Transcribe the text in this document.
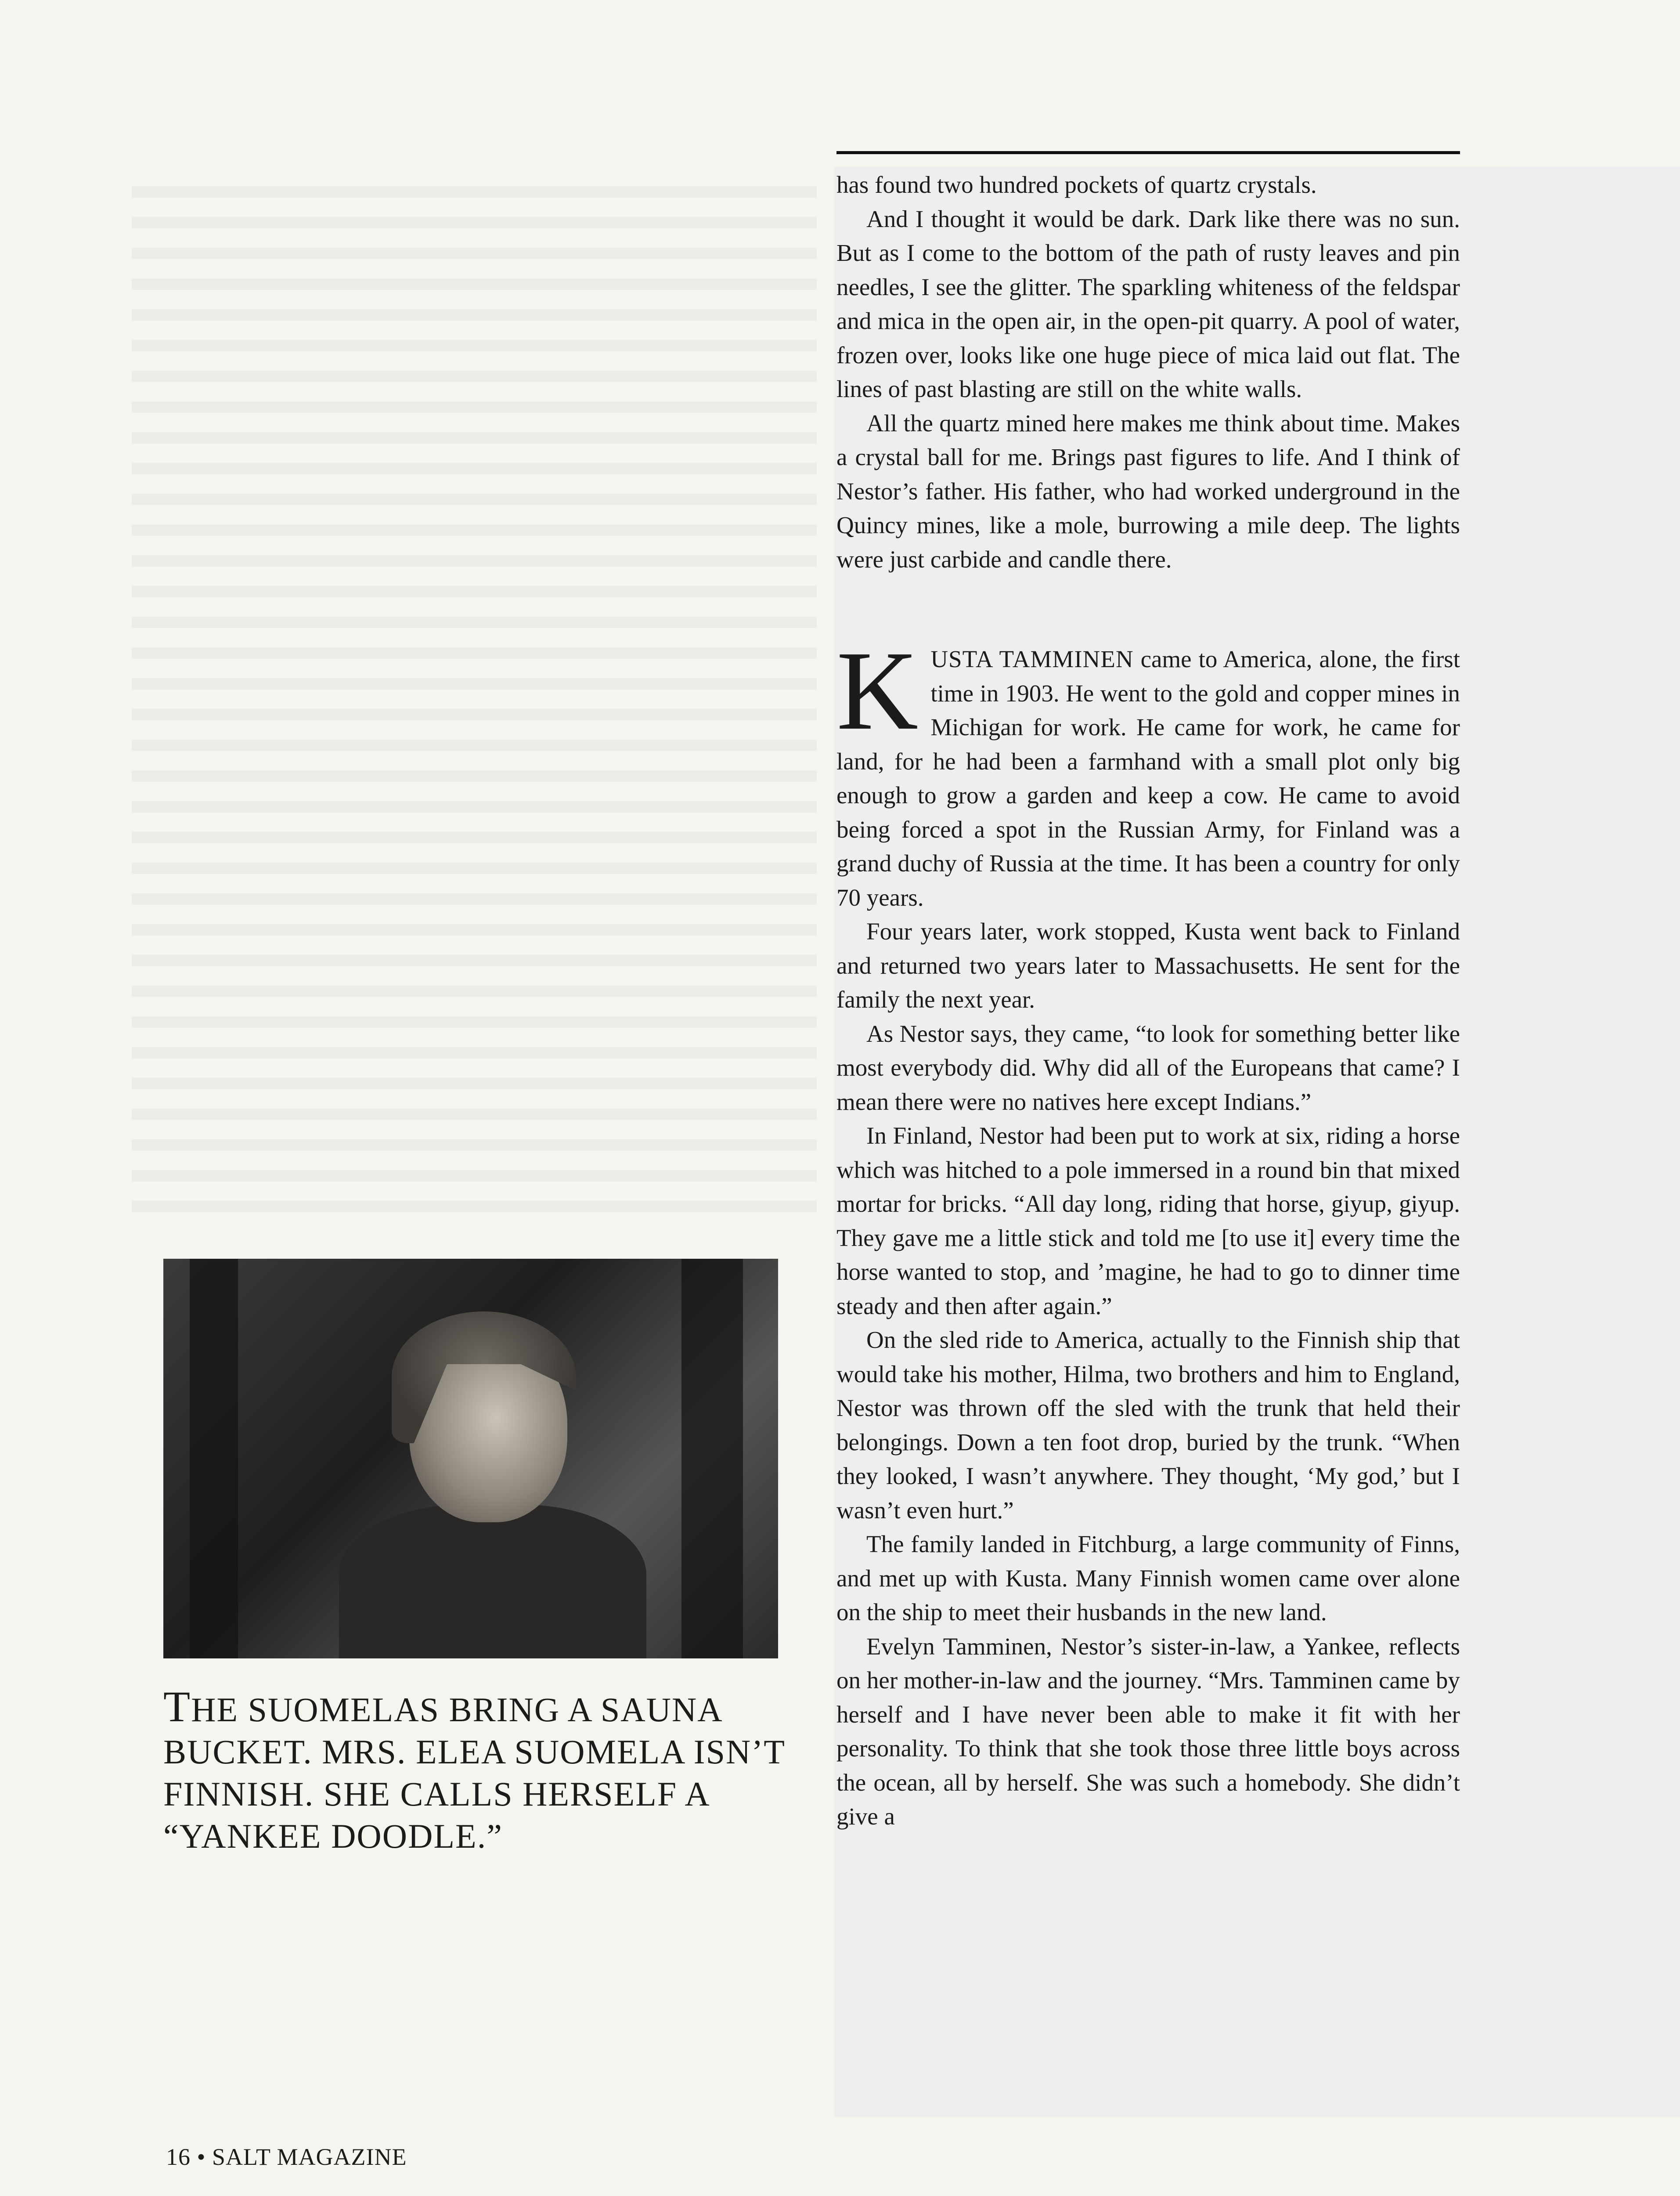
has found two hundred pockets of quartz crystals.

And I thought it would be dark. Dark like there was no sun. But as I come to the bottom of the path of rusty leaves and pin needles, I see the glitter. The sparkling whiteness of the feldspar and mica in the open air, in the open-pit quarry. A pool of water, frozen over, looks like one huge piece of mica laid out flat. The lines of past blasting are still on the white walls.

All the quartz mined here makes me think about time. Makes a crystal ball for me. Brings past figures to life. And I think of Nestor’s father. His father, who had worked underground in the Quincy mines, like a mole, burrowing a mile deep. The lights were just carbide and candle there.

KUSTA TAMMINEN came to America, alone, the first time in 1903. He went to the gold and copper mines in Michigan for work. He came for work, he came for land, for he had been a farmhand with a small plot only big enough to grow a garden and keep a cow. He came to avoid being forced a spot in the Russian Army, for Finland was a grand duchy of Russia at the time. It has been a country for only 70 years.

Four years later, work stopped, Kusta went back to Finland and returned two years later to Massachusetts. He sent for the family the next year.

As Nestor says, they came, “to look for something better like most everybody did. Why did all of the Europeans that came? I mean there were no natives here except Indians.”

In Finland, Nestor had been put to work at six, riding a horse which was hitched to a pole immersed in a round bin that mixed mortar for bricks. “All day long, riding that horse, giyup, giyup. They gave me a little stick and told me [to use it] every time the horse wanted to stop, and ’magine, he had to go to dinner time steady and then after again.”

On the sled ride to America, actually to the Finnish ship that would take his mother, Hilma, two brothers and him to England, Nestor was thrown off the sled with the trunk that held their belongings. Down a ten foot drop, buried by the trunk. “When they looked, I wasn’t anywhere. They thought, ‘My god,’ but I wasn’t even hurt.”

The family landed in Fitchburg, a large community of Finns, and met up with Kusta. Many Finnish women came over alone on the ship to meet their husbands in the new land.

Evelyn Tamminen, Nestor’s sister-in-law, a Yankee, reflects on her mother-in-law and the journey. “Mrs. Tamminen came by herself and I have never been able to make it fit with her personality. To think that she took those three little boys across the ocean, all by herself. She was such a homebody. She didn’t give a

THE SUOMELAS BRING A SAUNA BUCKET. MRS. ELEA SUOMELA ISN’T FINNISH. SHE CALLS HERSELF A “YANKEE DOODLE.”
16 • SALT MAGAZINE
